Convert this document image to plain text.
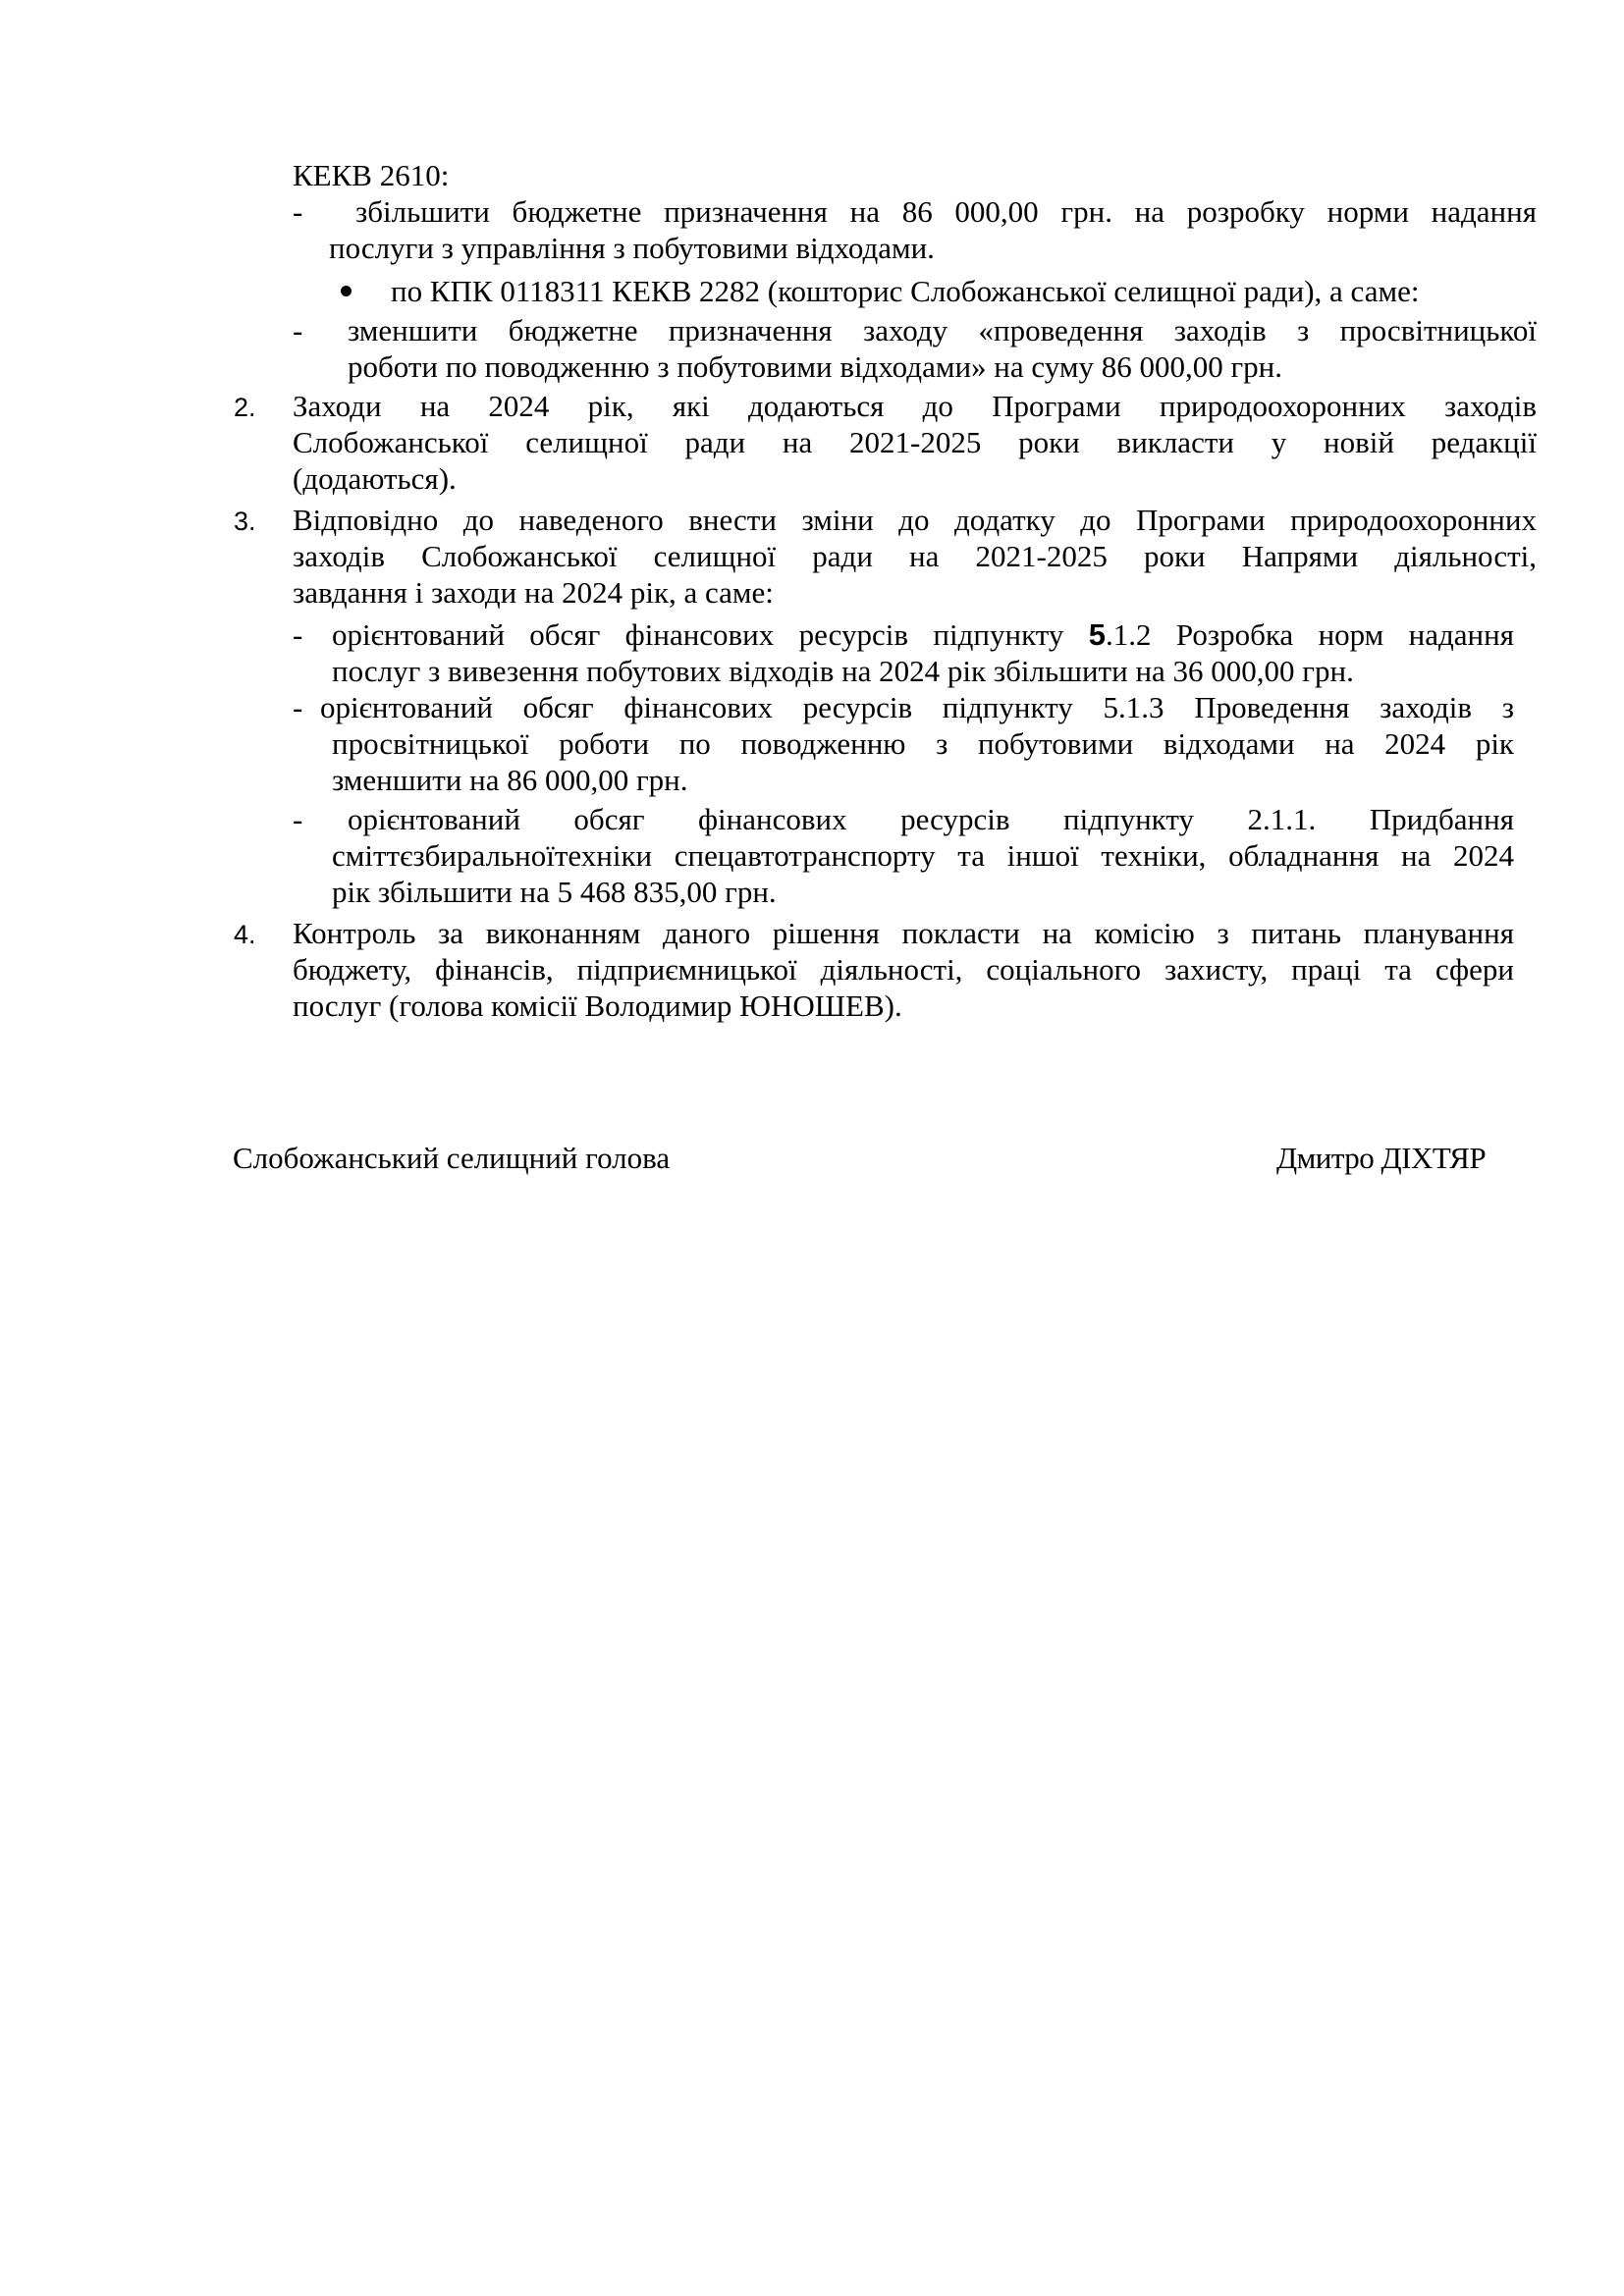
КЕКВ 2610:
- збільшити бюджетне призначення на 86 000,00 грн. на розробку норми надання
послуги з управління з побутовими відходами.
по КПК 0118311 КЕКВ 2282 (кошторис Слобожанської селищної ради), а саме:
- зменшити бюджетне призначення заходу «проведення заходів з просвітницької
роботи по поводженню з побутовими відходами» на суму 86 000,00 грн.
2. Заходи на 2024 рік, які додаються до Програми природоохоронних заходів
Слобожанської селищної ради на 2021-2025 роки викласти у новій редакції
(додаються).
3. Відповідно до наведеного внести зміни до додатку до Програми природоохоронних
заходів Слобожанської селищної ради на 2021-2025 роки Напрями діяльності,
завдання і заходи на 2024 рік, а саме:
- орієнтований обсяг фінансових ресурсів підпункту 5.1.2 Розробка норм надання
послуг з вивезення побутових відходів на 2024 рік збільшити на 36 000,00 грн.
- орієнтований обсяг фінансових ресурсів підпункту 5.1.3 Проведення заходів з
просвітницької роботи по поводженню з побутовими відходами на 2024 рік
зменшити на 86 000,00 грн.
- орієнтований обсяг фінансових ресурсів підпункту 2.1.1. Придбання
сміттєзбиральноїтехніки спецавтотранспорту та іншої техніки, обладнання на 2024
рік збільшити на 5 468 835,00 грн.
4. Контроль за виконанням даного рішення покласти на комісію з питань планування
бюджету, фінансів, підприємницької діяльності, соціального захисту, праці та сфери
послуг (голова комісії Володимир ЮНОШЕВ).
Слобожанський селищний голова	Дмитро ДІХТЯР
